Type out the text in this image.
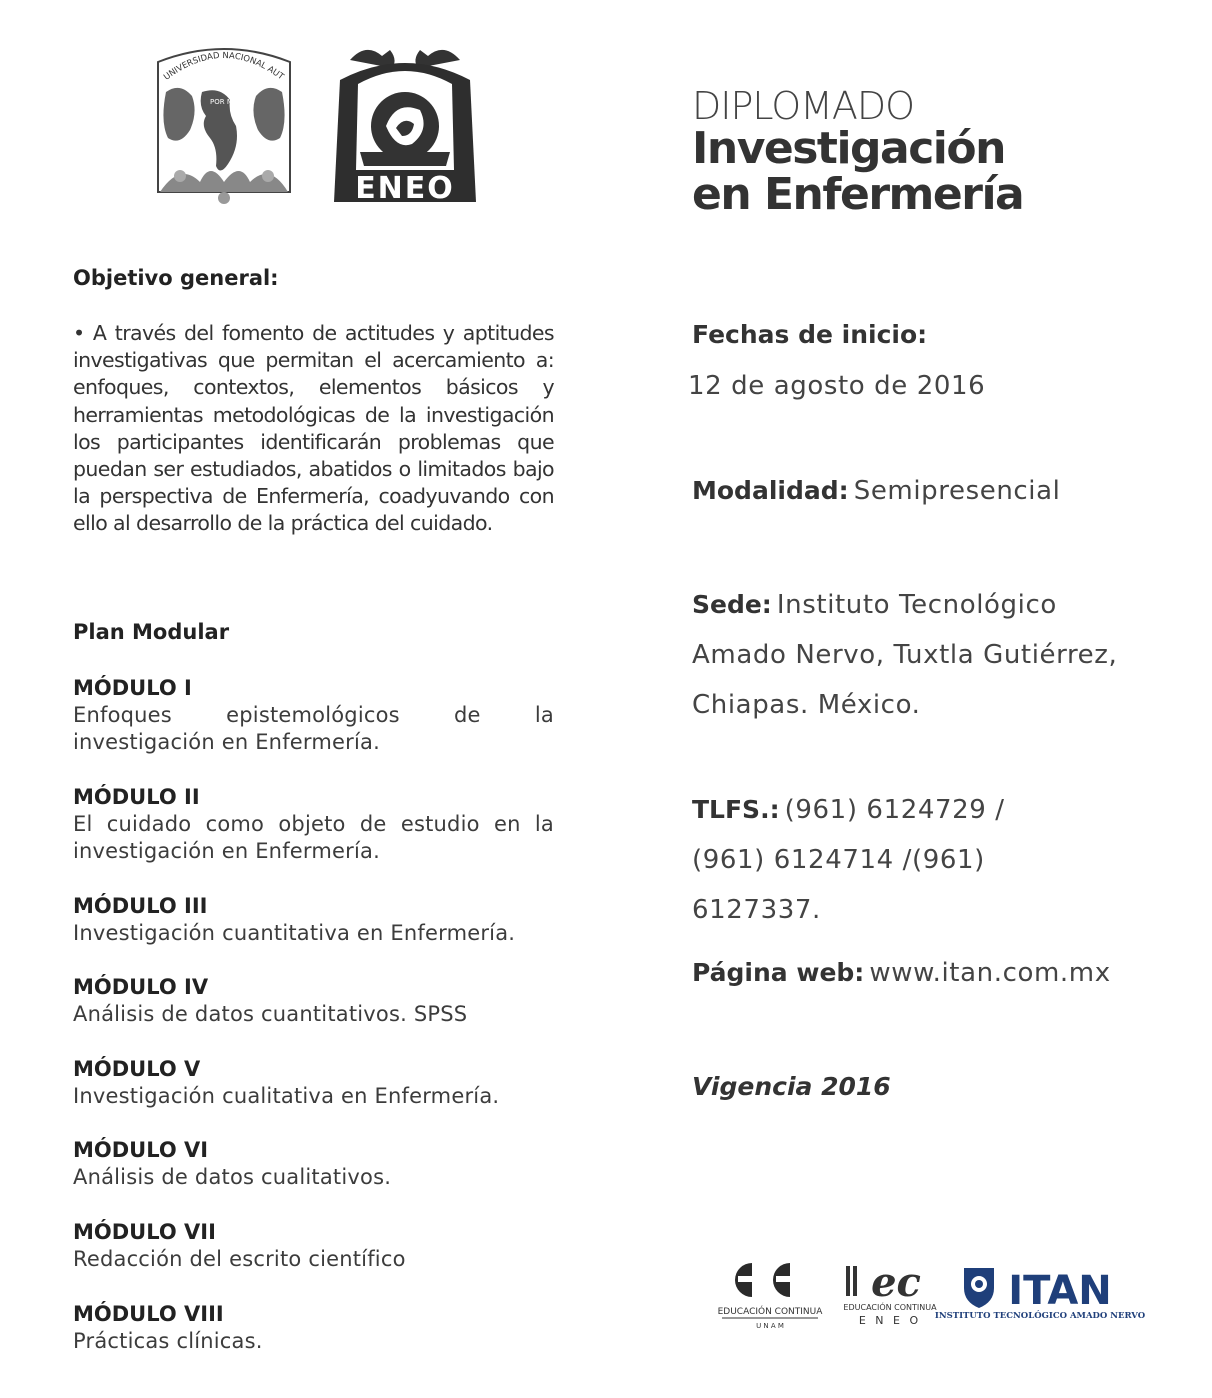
UNIVERSIDAD NACIONAL AUT
POR MI
ENEO
DIPLOMADO
Investigación
en Enfermería
Objetivo general:
• A través del fomento de actitudes y aptitudes investigativas que permitan el acercamiento a: enfoques, contextos, elementos básicos y herramientas metodológicas de la investigación los participantes identificarán problemas que puedan ser estudiados, abatidos o limitados bajo la perspectiva de Enfermería, coadyuvando con ello al desarrollo de la práctica del cuidado.
Plan Modular
MÓDULO I
Enfoques epistemológicos de la investigación en Enfermería.
MÓDULO II
El cuidado como objeto de estudio en la investigación en Enfermería.
MÓDULO III
Investigación cuantitativa en Enfermería.
MÓDULO IV
Análisis de datos cuantitativos. SPSS
MÓDULO V
Investigación cualitativa en Enfermería.
MÓDULO VI
Análisis de datos cualitativos.
MÓDULO VII
Redacción del escrito científico
MÓDULO VIII
Prácticas clínicas.
Fechas de inicio:
12 de agosto de 2016
Modalidad: Semipresencial
Sede: Instituto Tecnológico Amado Nervo, Tuxtla Gutiérrez, Chiapas. México.
TLFS.: (961) 6124729 / (961) 6124714 /(961) 6127337.
Página web: www.itan.com.mx
Vigencia 2016
EDUCACIÓN CONTINUA
U N A M
ec
EDUCACIÓN CONTINUA
E N E O
ITAN
INSTITUTO TECNOLÓGICO AMADO NERVO
